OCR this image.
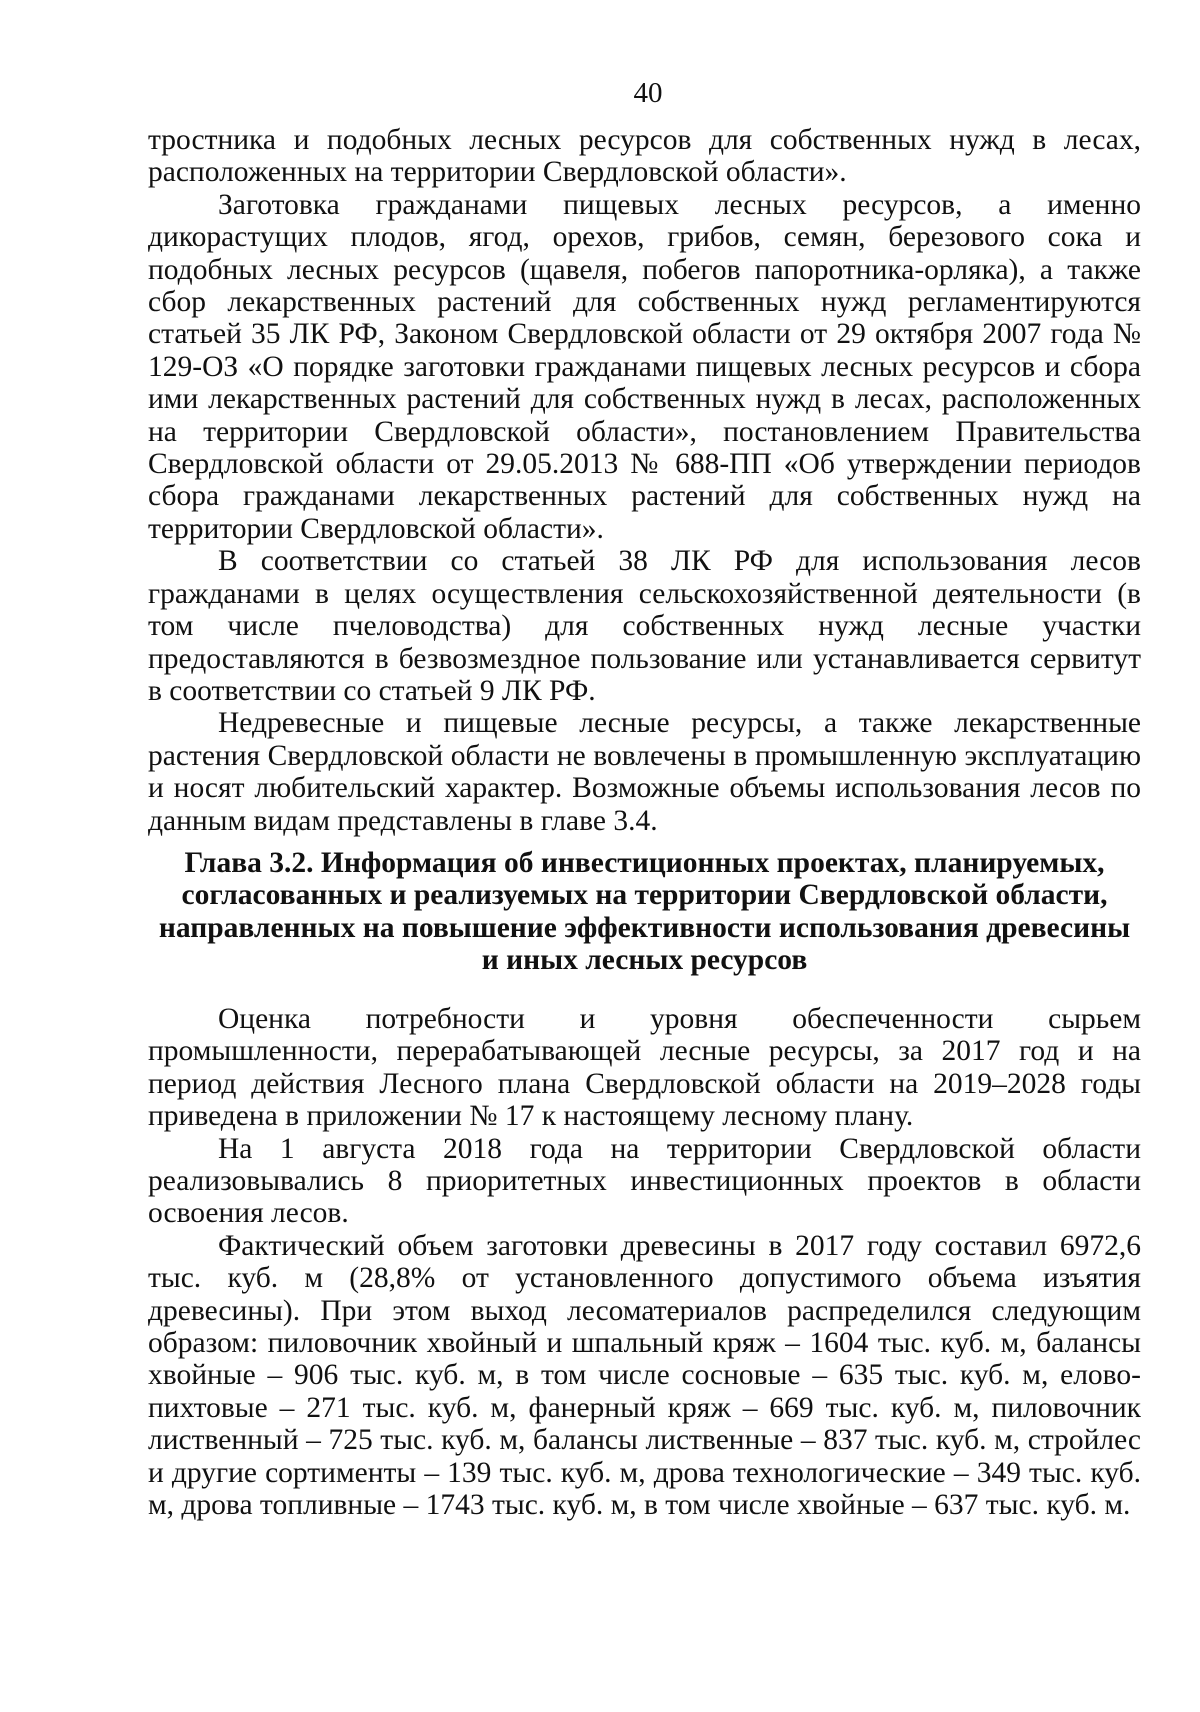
40

тростника и подобных лесных ресурсов для собственных нужд в лесах, расположенных на территории Свердловской области».

Заготовка гражданами пищевых лесных ресурсов, а именно дикорастущих плодов, ягод, орехов, грибов, семян, березового сока и подобных лесных ресурсов (щавеля, побегов папоротника-орляка), а также сбор лекарственных растений для собственных нужд регламентируются статьей 35 ЛК РФ, Законом Свердловской области от 29 октября 2007 года № 129-ОЗ «О порядке заготовки гражданами пищевых лесных ресурсов и сбора ими лекарственных растений для собственных нужд в лесах, расположенных на территории Свердловской области», постановлением Правительства Свердловской области от 29.05.2013 № 688-ПП «Об утверждении периодов сбора гражданами лекарственных растений для собственных нужд на территории Свердловской области».

В соответствии со статьей 38 ЛК РФ для использования лесов гражданами в целях осуществления сельскохозяйственной деятельности (в том числе пчеловодства) для собственных нужд лесные участки предоставляются в безвозмездное пользование или устанавливается сервитут в соответствии со статьей 9 ЛК РФ.

Недревесные и пищевые лесные ресурсы, а также лекарственные растения Свердловской области не вовлечены в промышленную эксплуатацию и носят любительский характер. Возможные объемы использования лесов по данным видам представлены в главе 3.4.

Глава 3.2. Информация об инвестиционных проектах, планируемых,
согласованных и реализуемых на территории Свердловской области,
направленных на повышение эффективности использования древесины
и иных лесных ресурсов

Оценка потребности и уровня обеспеченности сырьем промышленности, перерабатывающей лесные ресурсы, за 2017 год и на период действия Лесного плана Свердловской области на 2019–2028 годы приведена в приложении № 17 к настоящему лесному плану.

На 1 августа 2018 года на территории Свердловской области реализовывались 8 приоритетных инвестиционных проектов в области освоения лесов.

Фактический объем заготовки древесины в 2017 году составил 6972,6 тыс. куб. м (28,8% от установленного допустимого объема изъятия древесины). При этом выход лесоматериалов распределился следующим образом: пиловочник хвойный и шпальный кряж – 1604 тыс. куб. м, балансы хвойные – 906 тыс. куб. м, в том числе сосновые – 635 тыс. куб. м, елово-пихтовые – 271 тыс. куб. м, фанерный кряж – 669 тыс. куб. м, пиловочник лиственный – 725 тыс. куб. м, балансы лиственные – 837 тыс. куб. м, стройлес и другие сортименты – 139 тыс. куб. м, дрова технологические – 349 тыс. куб. м, дрова топливные – 1743 тыс. куб. м, в том числе хвойные – 637 тыс. куб. м.
